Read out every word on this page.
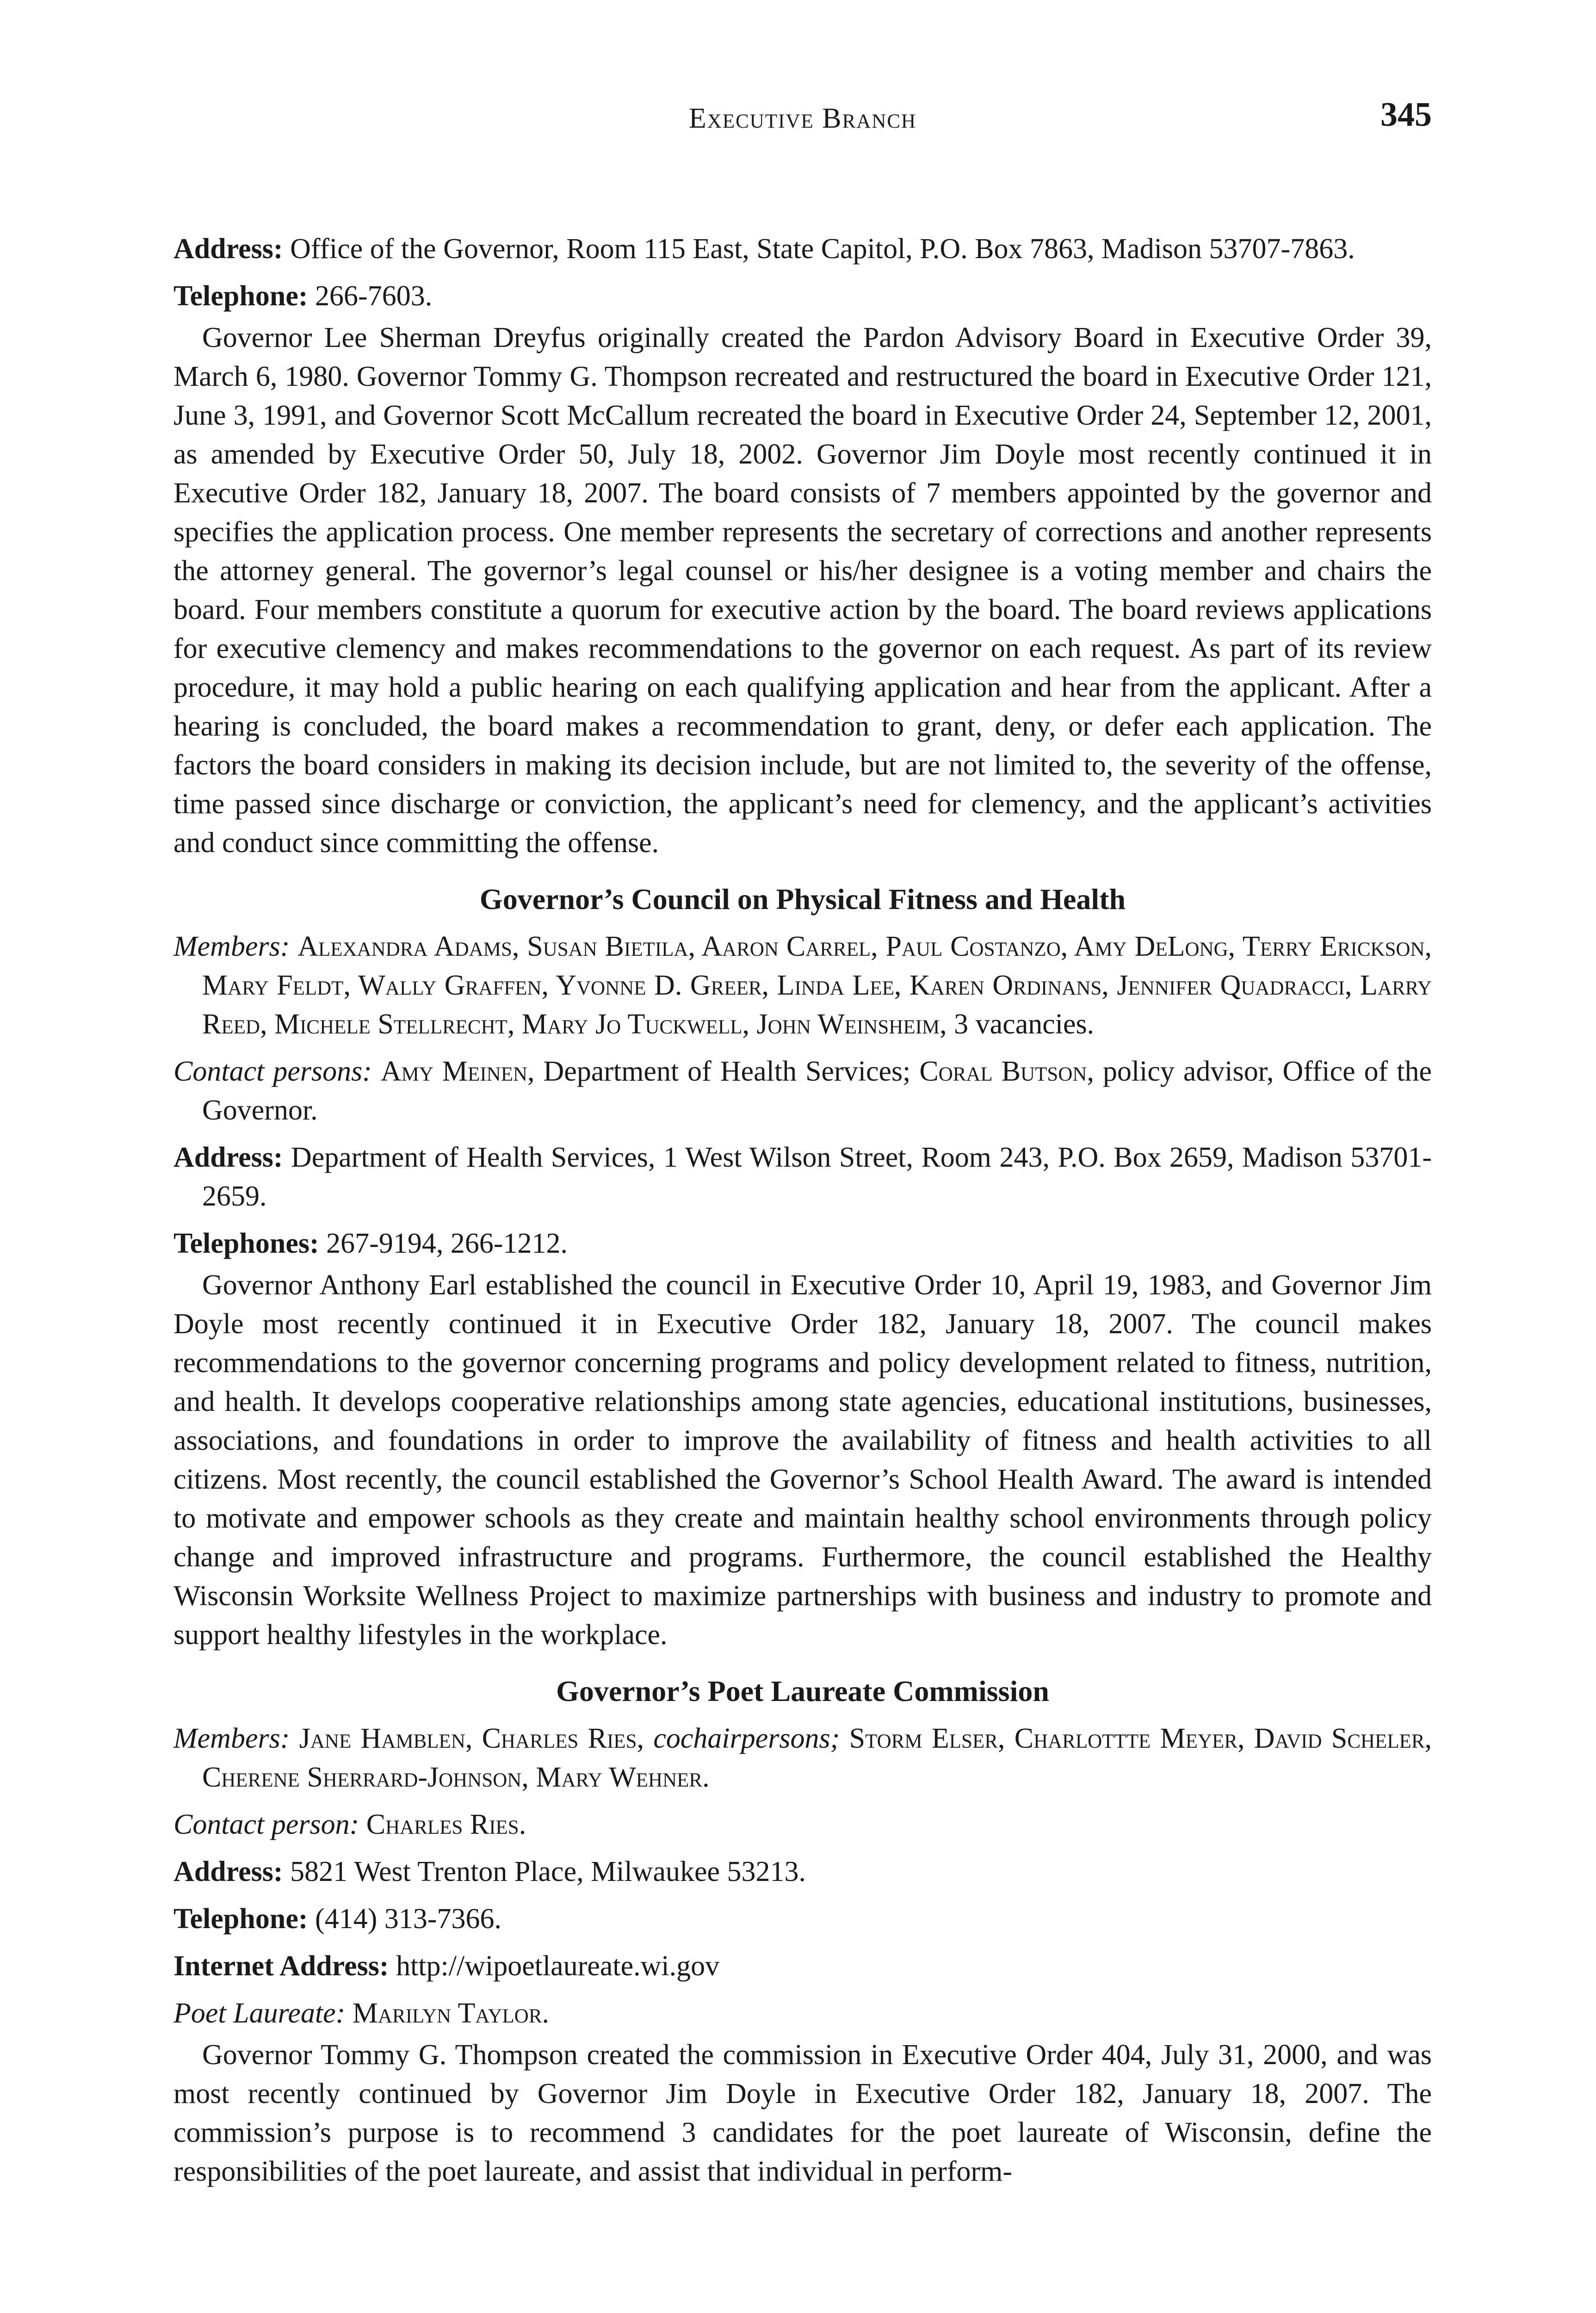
Executive Branch	345

Address: Office of the Governor, Room 115 East, State Capitol, P.O. Box 7863, Madison 53707-7863.

Telephone: 266-7603.

Governor Lee Sherman Dreyfus originally created the Pardon Advisory Board in Executive Order 39, March 6, 1980. Governor Tommy G. Thompson recreated and restructured the board in Executive Order 121, June 3, 1991, and Governor Scott McCallum recreated the board in Executive Order 24, September 12, 2001, as amended by Executive Order 50, July 18, 2002. Governor Jim Doyle most recently continued it in Executive Order 182, January 18, 2007. The board consists of 7 members appointed by the governor and specifies the application process. One member represents the secretary of corrections and another represents the attorney general. The governor’s legal counsel or his/her designee is a voting member and chairs the board. Four members constitute a quorum for executive action by the board. The board reviews applications for executive clemency and makes recommendations to the governor on each request. As part of its review procedure, it may hold a public hearing on each qualifying application and hear from the applicant. After a hearing is concluded, the board makes a recommendation to grant, deny, or defer each application. The factors the board considers in making its decision include, but are not limited to, the severity of the offense, time passed since discharge or conviction, the applicant’s need for clemency, and the applicant’s activities and conduct since committing the offense.

Governor’s Council on Physical Fitness and Health

Members: Alexandra Adams, Susan Bietila, Aaron Carrel, Paul Costanzo, Amy DeLong, Terry Erickson, Mary Feldt, Wally Graffen, Yvonne D. Greer, Linda Lee, Karen Ordinans, Jennifer Quadracci, Larry Reed, Michele Stellrecht, Mary Jo Tuckwell, John Weinsheim, 3 vacancies.

Contact persons: Amy Meinen, Department of Health Services; Coral Butson, policy advisor, Office of the Governor.

Address: Department of Health Services, 1 West Wilson Street, Room 243, P.O. Box 2659, Madison 53701-2659.

Telephones: 267-9194, 266-1212.

Governor Anthony Earl established the council in Executive Order 10, April 19, 1983, and Governor Jim Doyle most recently continued it in Executive Order 182, January 18, 2007. The council makes recommendations to the governor concerning programs and policy development related to fitness, nutrition, and health. It develops cooperative relationships among state agencies, educational institutions, businesses, associations, and foundations in order to improve the availability of fitness and health activities to all citizens. Most recently, the council established the Governor’s School Health Award. The award is intended to motivate and empower schools as they create and maintain healthy school environments through policy change and improved infrastructure and programs. Furthermore, the council established the Healthy Wisconsin Worksite Wellness Project to maximize partnerships with business and industry to promote and support healthy lifestyles in the workplace.

Governor’s Poet Laureate Commission

Members: Jane Hamblen, Charles Ries, cochairpersons; Storm Elser, Charlottte Meyer, David Scheler, Cherene Sherrard-Johnson, Mary Wehner.

Contact person: Charles Ries.

Address: 5821 West Trenton Place, Milwaukee 53213.

Telephone: (414) 313-7366.

Internet Address: http://wipoetlaureate.wi.gov

Poet Laureate: Marilyn Taylor.

Governor Tommy G. Thompson created the commission in Executive Order 404, July 31, 2000, and was most recently continued by Governor Jim Doyle in Executive Order 182, January 18, 2007. The commission’s purpose is to recommend 3 candidates for the poet laureate of Wisconsin, define the responsibilities of the poet laureate, and assist that individual in perform-
